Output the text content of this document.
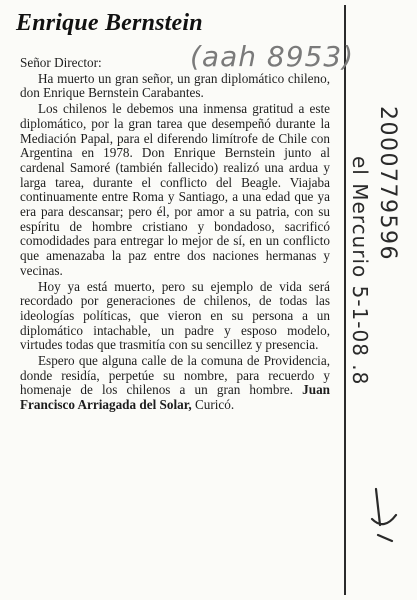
Enrique Bernstein
(aah 8953)

Señor Director:

Ha muerto un gran señor, un gran diplomático chileno, don Enrique Bernstein Carabantes.

Los chilenos le debemos una inmensa gratitud a este diplomático, por la gran tarea que desempeñó durante la Mediación Papal, para el diferendo limítrofe de Chile con Argentina en 1978. Don Enrique Bernstein junto al cardenal Samoré (también fallecido) realizó una ardua y larga tarea, durante el conflicto del Beagle. Viajaba continuamente entre Roma y Santiago, a una edad que ya era para descansar; pero él, por amor a su patria, con su espíritu de hombre cristiano y bondadoso, sacrificó comodidades para entregar lo mejor de sí, en un conflicto que amenazaba la paz entre dos naciones hermanas y vecinas.

Hoy ya está muerto, pero su ejemplo de vida será recordado por generaciones de chilenos, de todas las ideologías políticas, que vieron en su persona a un diplomático intachable, un padre y esposo modelo, virtudes todas que trasmitía con su sencillez y presencia.

Espero que alguna calle de la comuna de Providencia, donde residía, perpetúe su nombre, para recuerdo y homenaje de los chilenos a un gran hombre. Juan Francisco Arriagada del Solar, Curicó.

2000779596
el Mercurio 5-1-08 .8
